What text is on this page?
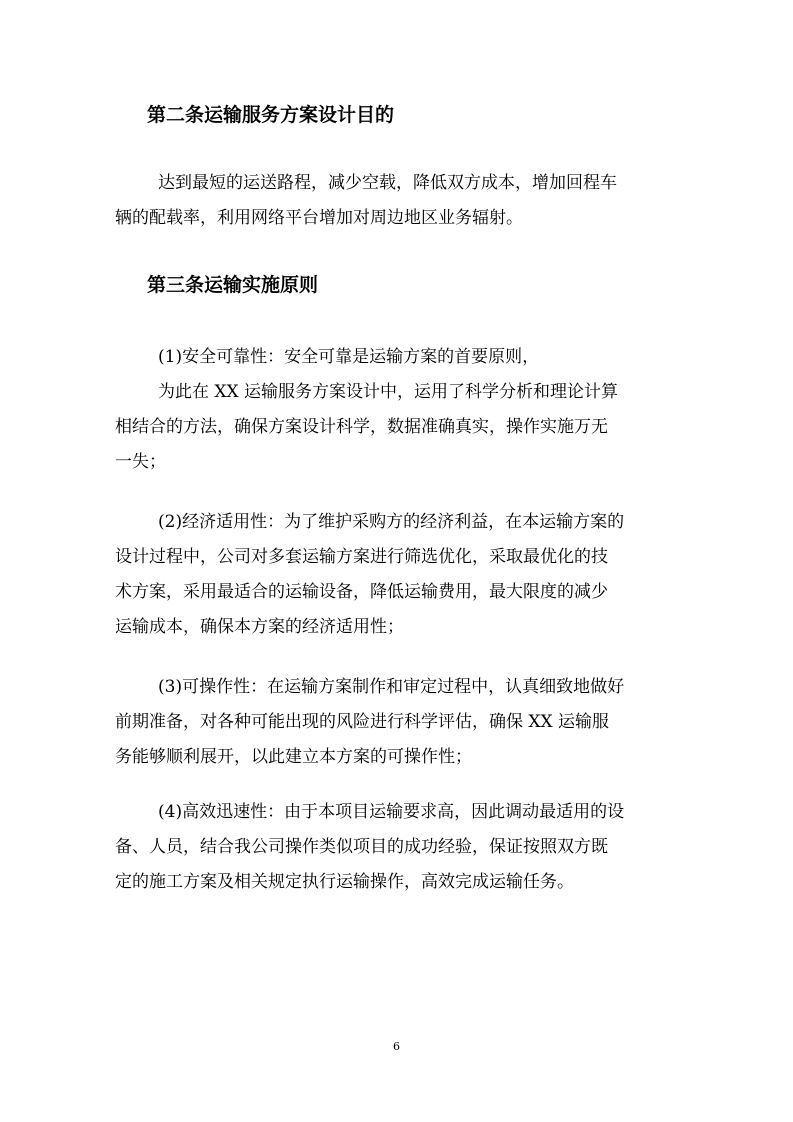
第二条运输服务方案设计目的
达到最短的运送路程，减少空载，降低双方成本，增加回程车
辆的配载率，利用网络平台增加对周边地区业务辐射。
第三条运输实施原则
(1)安全可靠性：安全可靠是运输方案的首要原则，
为此在 XX 运输服务方案设计中，运用了科学分析和理论计算
相结合的方法，确保方案设计科学，数据准确真实，操作实施万无
一失；
(2)经济适用性：为了维护采购方的经济利益，在本运输方案的
设计过程中，公司对多套运输方案进行筛选优化，采取最优化的技
术方案，采用最适合的运输设备，降低运输费用，最大限度的减少
运输成本，确保本方案的经济适用性；
(3)可操作性：在运输方案制作和审定过程中，认真细致地做好
前期准备，对各种可能出现的风险进行科学评估，确保 XX 运输服
务能够顺利展开，以此建立本方案的可操作性；
(4)高效迅速性：由于本项目运输要求高，因此调动最适用的设
备、人员，结合我公司操作类似项目的成功经验，保证按照双方既
定的施工方案及相关规定执行运输操作，高效完成运输任务。
6
